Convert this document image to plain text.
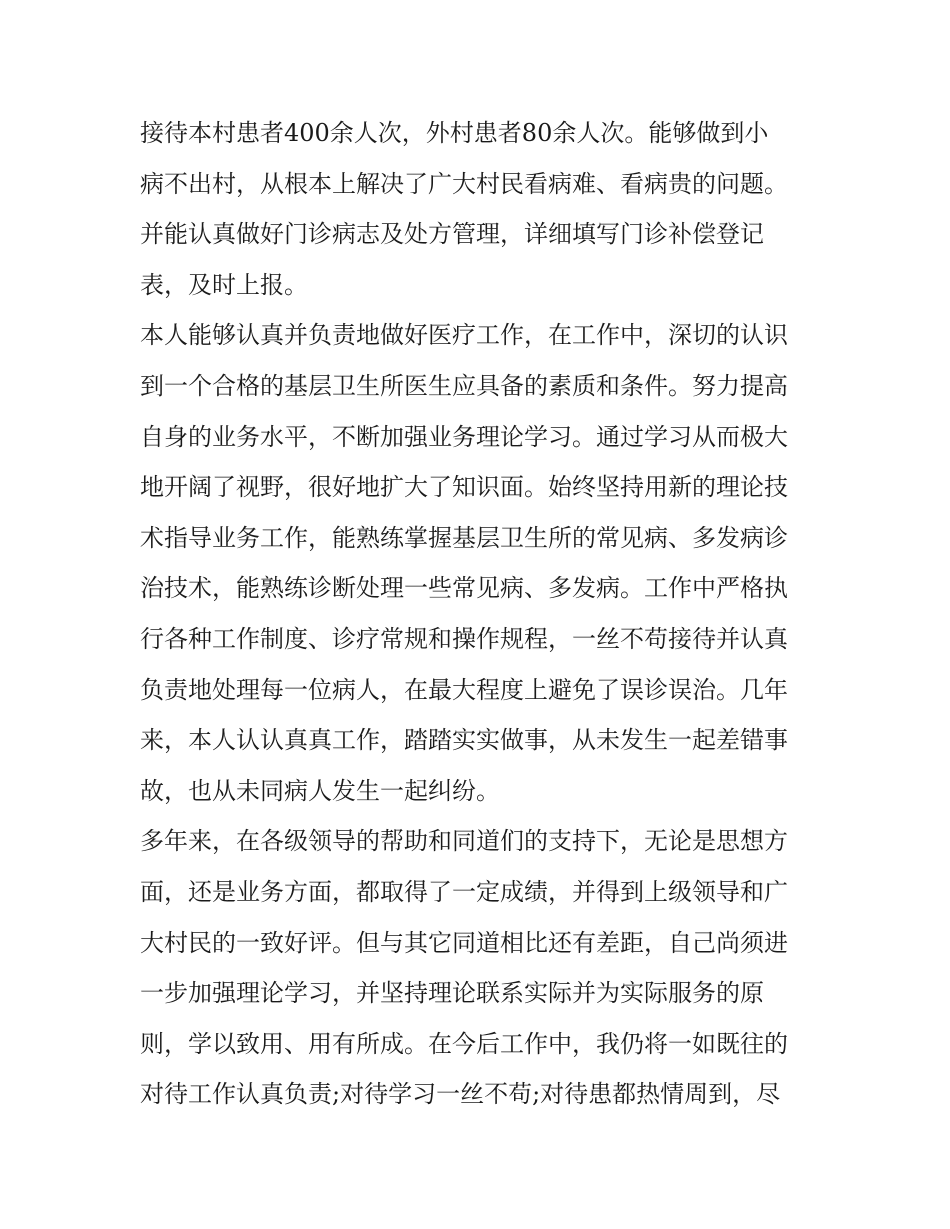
接待本村患者400余人次，外村患者80余人次。能够做到小
病不出村，从根本上解决了广大村民看病难、看病贵的问题。
并能认真做好门诊病志及处方管理，详细填写门诊补偿登记
表，及时上报。
本人能够认真并负责地做好医疗工作，在工作中，深切的认识
到一个合格的基层卫生所医生应具备的素质和条件。努力提高
自身的业务水平，不断加强业务理论学习。通过学习从而极大
地开阔了视野，很好地扩大了知识面。始终坚持用新的理论技
术指导业务工作，能熟练掌握基层卫生所的常见病、多发病诊
治技术，能熟练诊断处理一些常见病、多发病。工作中严格执
行各种工作制度、诊疗常规和操作规程，一丝不苟接待并认真
负责地处理每一位病人，在最大程度上避免了误诊误治。几年
来，本人认认真真工作，踏踏实实做事，从未发生一起差错事
故，也从未同病人发生一起纠纷。
多年来，在各级领导的帮助和同道们的支持下，无论是思想方
面，还是业务方面，都取得了一定成绩，并得到上级领导和广
大村民的一致好评。但与其它同道相比还有差距，自己尚须进
一步加强理论学习，并坚持理论联系实际并为实际服务的原
则，学以致用、用有所成。在今后工作中，我仍将一如既往的
对待工作认真负责;对待学习一丝不苟;对待患都热情周到，尽
